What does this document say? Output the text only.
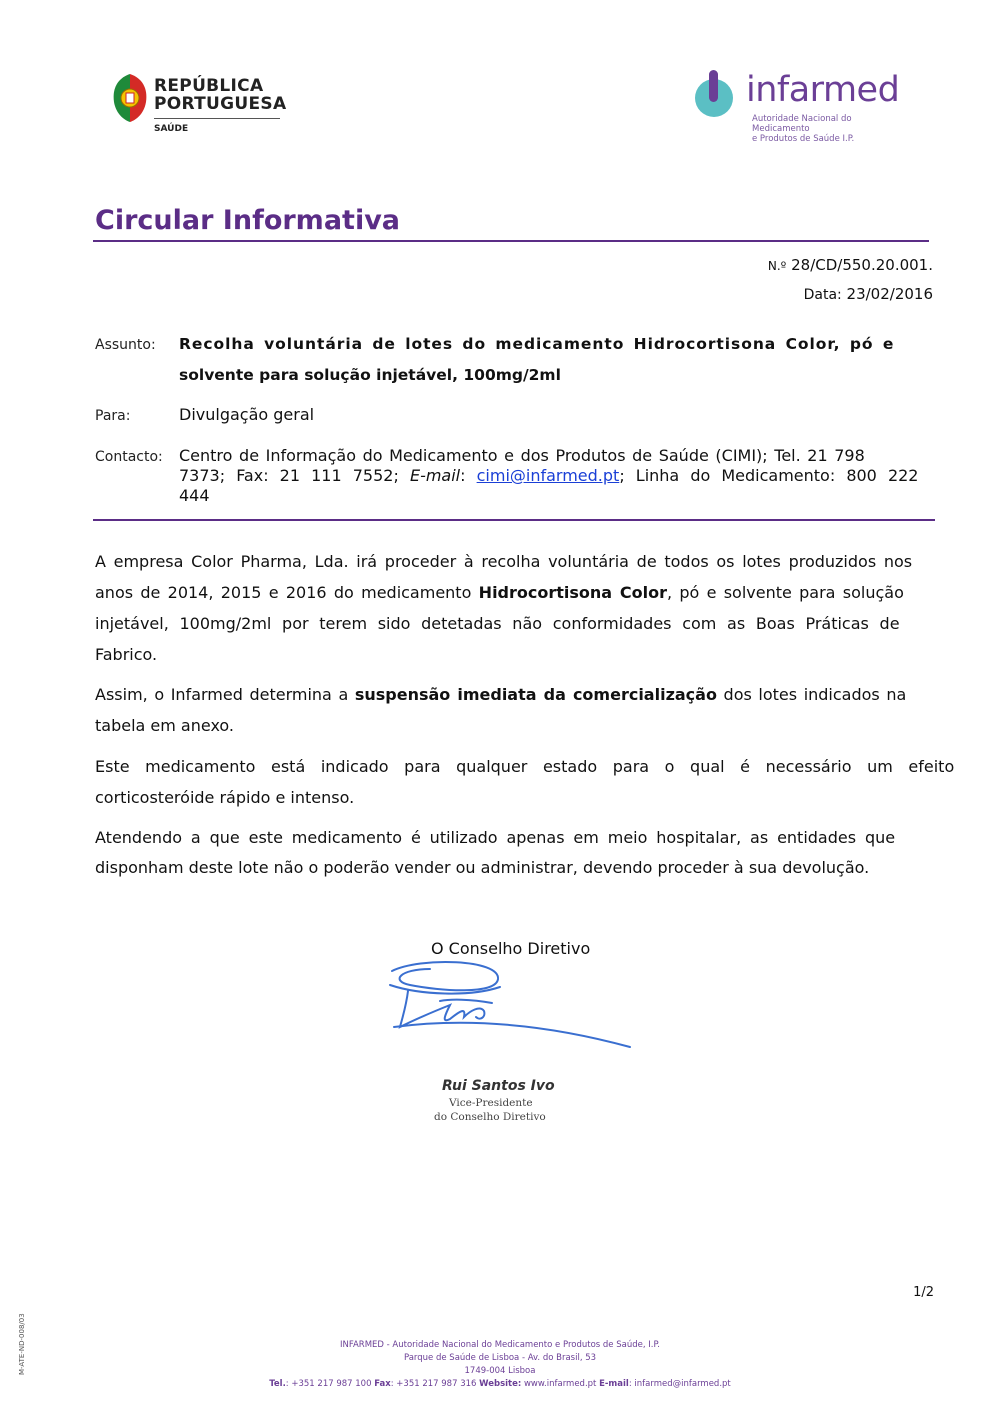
REPÚBLICA
PORTUGUESA
SAÚDE
infarmed
Autoridade Nacional do Medicamento
e Produtos de Saúde I.P.
Circular Informativa
N.º 28/CD/550.20.001.
Data: 23/02/2016
Assunto: Recolha voluntária de lotes do medicamento Hidrocortisona Color, pó e
solvente para solução injetável, 100mg/2ml
Para:	Divulgação geral
Contacto: Centro de Informação do Medicamento e dos Produtos de Saúde (CIMI); Tel. 21 798
7373; Fax: 21 111 7552; E-mail: cimi@infarmed.pt; Linha do Medicamento: 800 222
444
A empresa Color Pharma, Lda. irá proceder à recolha voluntária de todos os lotes produzidos nos
anos de 2014, 2015 e 2016 do medicamento Hidrocortisona Color, pó e solvente para solução
injetável, 100mg/2ml por terem sido detetadas não conformidades com as Boas Práticas de
Fabrico.
Assim, o Infarmed determina a suspensão imediata da comercialização dos lotes indicados na
tabela em anexo.
Este medicamento está indicado para qualquer estado para o qual é necessário um efeito
corticosteróide rápido e intenso.
Atendendo a que este medicamento é utilizado apenas em meio hospitalar, as entidades que
disponham deste lote não o poderão vender ou administrar, devendo proceder à sua devolução.
O Conselho Diretivo
Rui Santos Ivo
Vice-Presidente
do Conselho Diretivo
1/2
M-ATE-ND-008/03	INFARMED - Autoridade Nacional do Medicamento e Produtos de Saúde, I.P.
Parque de Saúde de Lisboa - Av. do Brasil, 53
1749-004 Lisboa
Tel.: +351 217 987 100 Fax: +351 217 987 316 Website: www.infarmed.pt E-mail: infarmed@infarmed.pt
